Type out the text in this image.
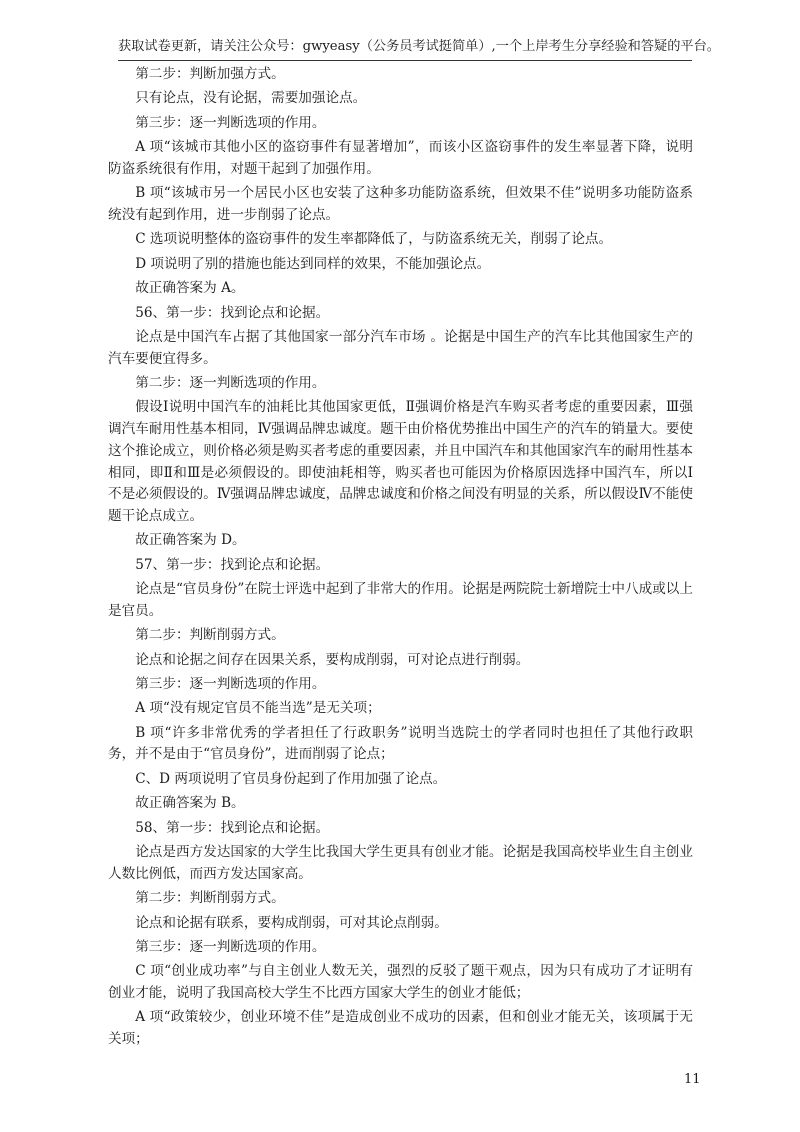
获取试卷更新，请关注公众号：gwyeasy（公务员考试挺简单）,一个上岸考生分享经验和答疑的平台。

第二步：判断加强方式。

只有论点，没有论据，需要加强论点。

第三步：逐一判断选项的作用。

A 项“该城市其他小区的盗窃事件有显著增加”，而该小区盗窃事件的发生率显著下降，说明防盗系统很有作用，对题干起到了加强作用。

B 项“该城市另一个居民小区也安装了这种多功能防盗系统，但效果不佳”说明多功能防盗系统没有起到作用，进一步削弱了论点。

C 选项说明整体的盗窃事件的发生率都降低了，与防盗系统无关，削弱了论点。

D 项说明了别的措施也能达到同样的效果，不能加强论点。

故正确答案为 A。

56、第一步：找到论点和论据。

论点是中国汽车占据了其他国家一部分汽车市场 。论据是中国生产的汽车比其他国家生产的汽车要便宜得多。

第二步：逐一判断选项的作用。

假设Ⅰ说明中国汽车的油耗比其他国家更低，Ⅱ强调价格是汽车购买者考虑的重要因素，Ⅲ强调汽车耐用性基本相同，Ⅳ强调品牌忠诚度。题干由价格优势推出中国生产的汽车的销量大。要使这个推论成立，则价格必须是购买者考虑的重要因素，并且中国汽车和其他国家汽车的耐用性基本相同，即Ⅱ和Ⅲ是必须假设的。即使油耗相等，购买者也可能因为价格原因选择中国汽车，所以Ⅰ不是必须假设的。Ⅳ强调品牌忠诚度，品牌忠诚度和价格之间没有明显的关系，所以假设Ⅳ不能使题干论点成立。

故正确答案为 D。

57、第一步：找到论点和论据。

论点是“官员身份”在院士评选中起到了非常大的作用。论据是两院院士新增院士中八成或以上是官员。

第二步：判断削弱方式。

论点和论据之间存在因果关系，要构成削弱，可对论点进行削弱。

第三步：逐一判断选项的作用。

A 项“没有规定官员不能当选”是无关项；

B 项“许多非常优秀的学者担任了行政职务”说明当选院士的学者同时也担任了其他行政职务，并不是由于“官员身份”，进而削弱了论点；

C、D 两项说明了官员身份起到了作用加强了论点。

故正确答案为 B。

58、第一步：找到论点和论据。

论点是西方发达国家的大学生比我国大学生更具有创业才能。论据是我国高校毕业生自主创业人数比例低，而西方发达国家高。

第二步：判断削弱方式。

论点和论据有联系，要构成削弱，可对其论点削弱。

第三步：逐一判断选项的作用。

C 项“创业成功率”与自主创业人数无关，强烈的反驳了题干观点，因为只有成功了才证明有创业才能，说明了我国高校大学生不比西方国家大学生的创业才能低；

A 项“政策较少，创业环境不佳”是造成创业不成功的因素，但和创业才能无关，该项属于无关项；

11
